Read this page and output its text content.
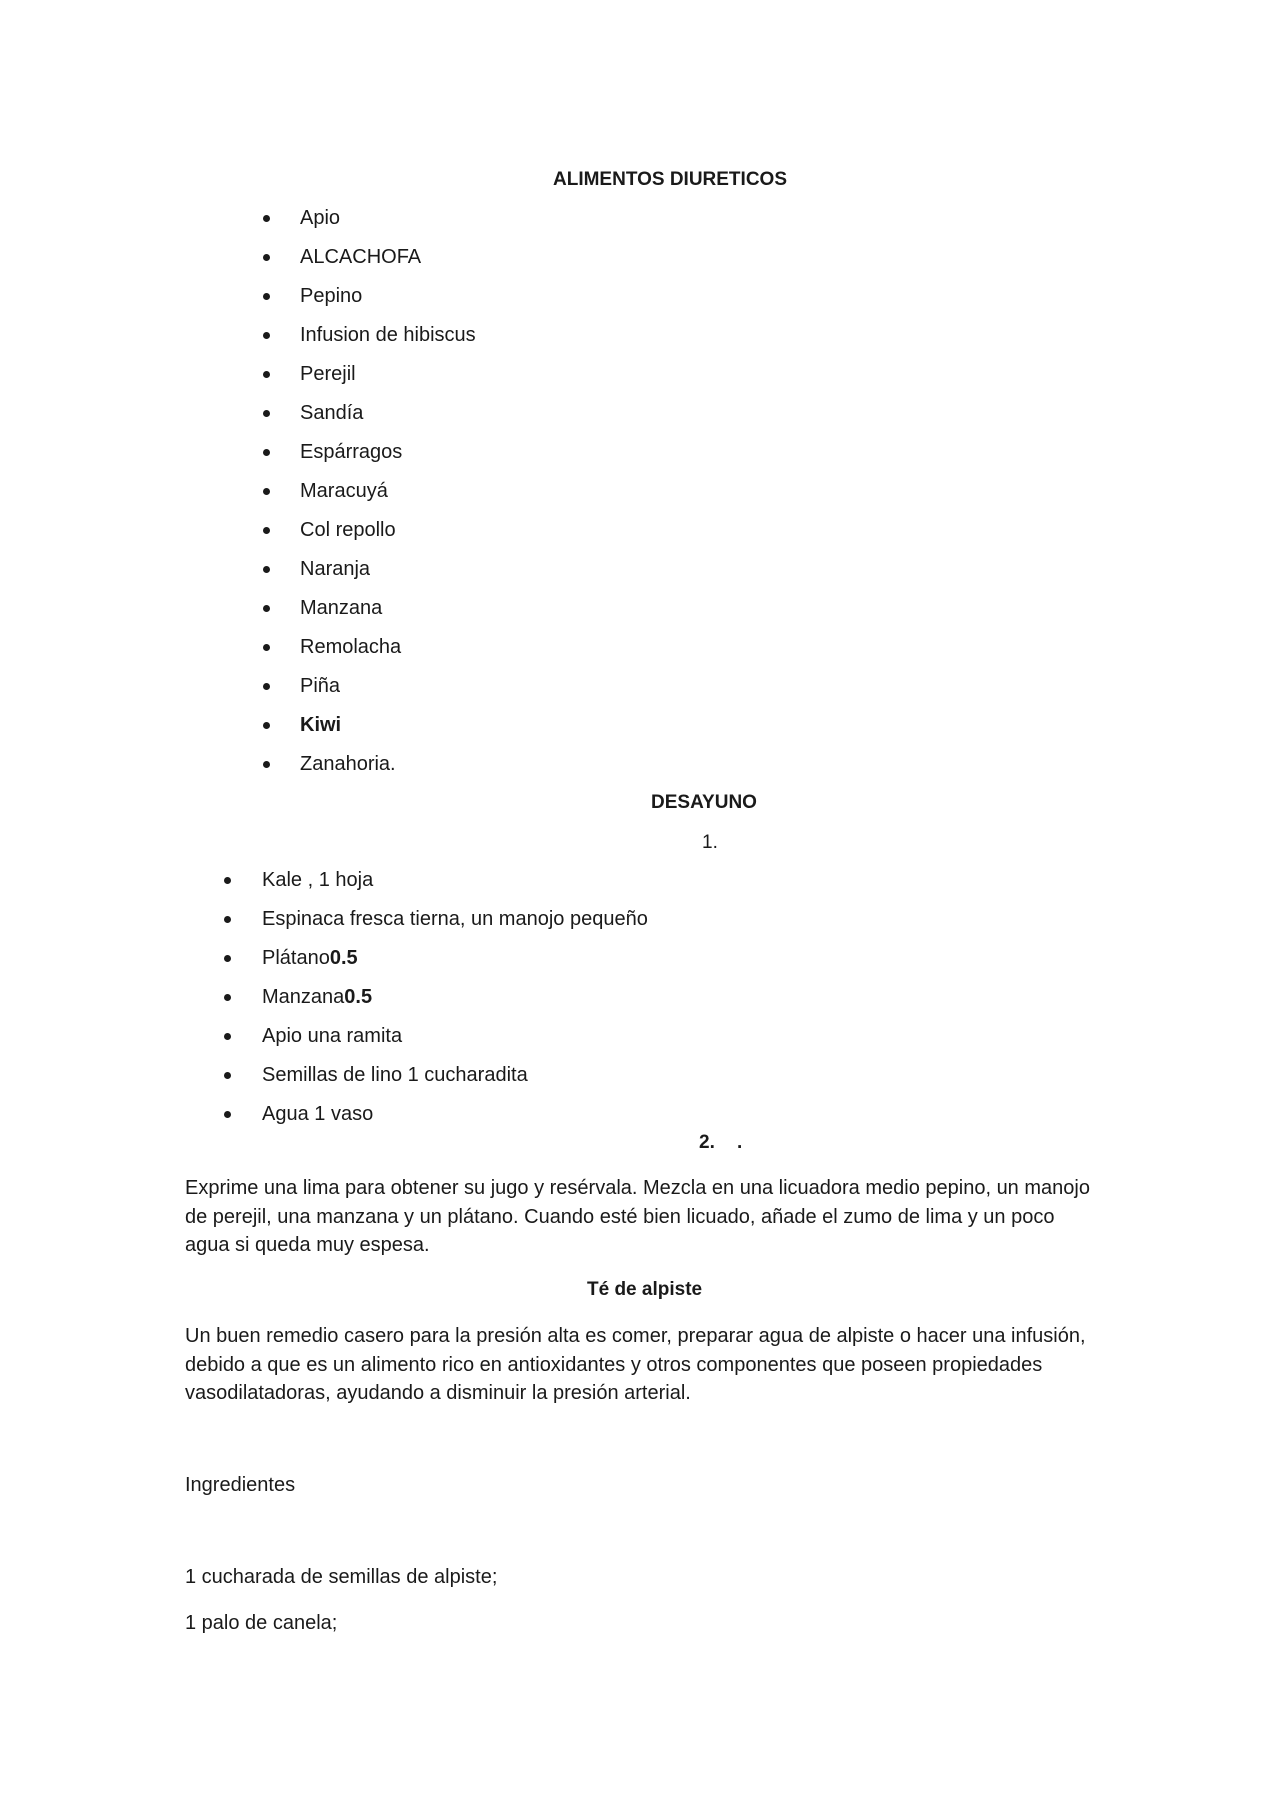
ALIMENTOS DIURETICOS
Apio
ALCACHOFA
Pepino
Infusion de hibiscus
Perejil
Sandía
Espárragos
Maracuyá
Col repollo
Naranja
Manzana
Remolacha
Piña
Kiwi
Zanahoria.
DESAYUNO
1.
Kale , 1 hoja
Espinaca fresca tierna, un manojo pequeño
Plátano0.5
Manzana0.5
Apio una ramita
Semillas de lino 1 cucharadita
Agua 1 vaso
2. .
Exprime una lima para obtener su jugo y resérvala. Mezcla en una licuadora medio pepino, un manojo de perejil, una manzana y un plátano. Cuando esté bien licuado, añade el zumo de lima y un poco agua si queda muy espesa.
Té de alpiste
Un buen remedio casero para la presión alta es comer, preparar agua de alpiste o hacer una infusión, debido a que es un alimento rico en antioxidantes y otros componentes que poseen propiedades vasodilatadoras, ayudando a disminuir la presión arterial.
Ingredientes
1 cucharada de semillas de alpiste;
1 palo de canela;
